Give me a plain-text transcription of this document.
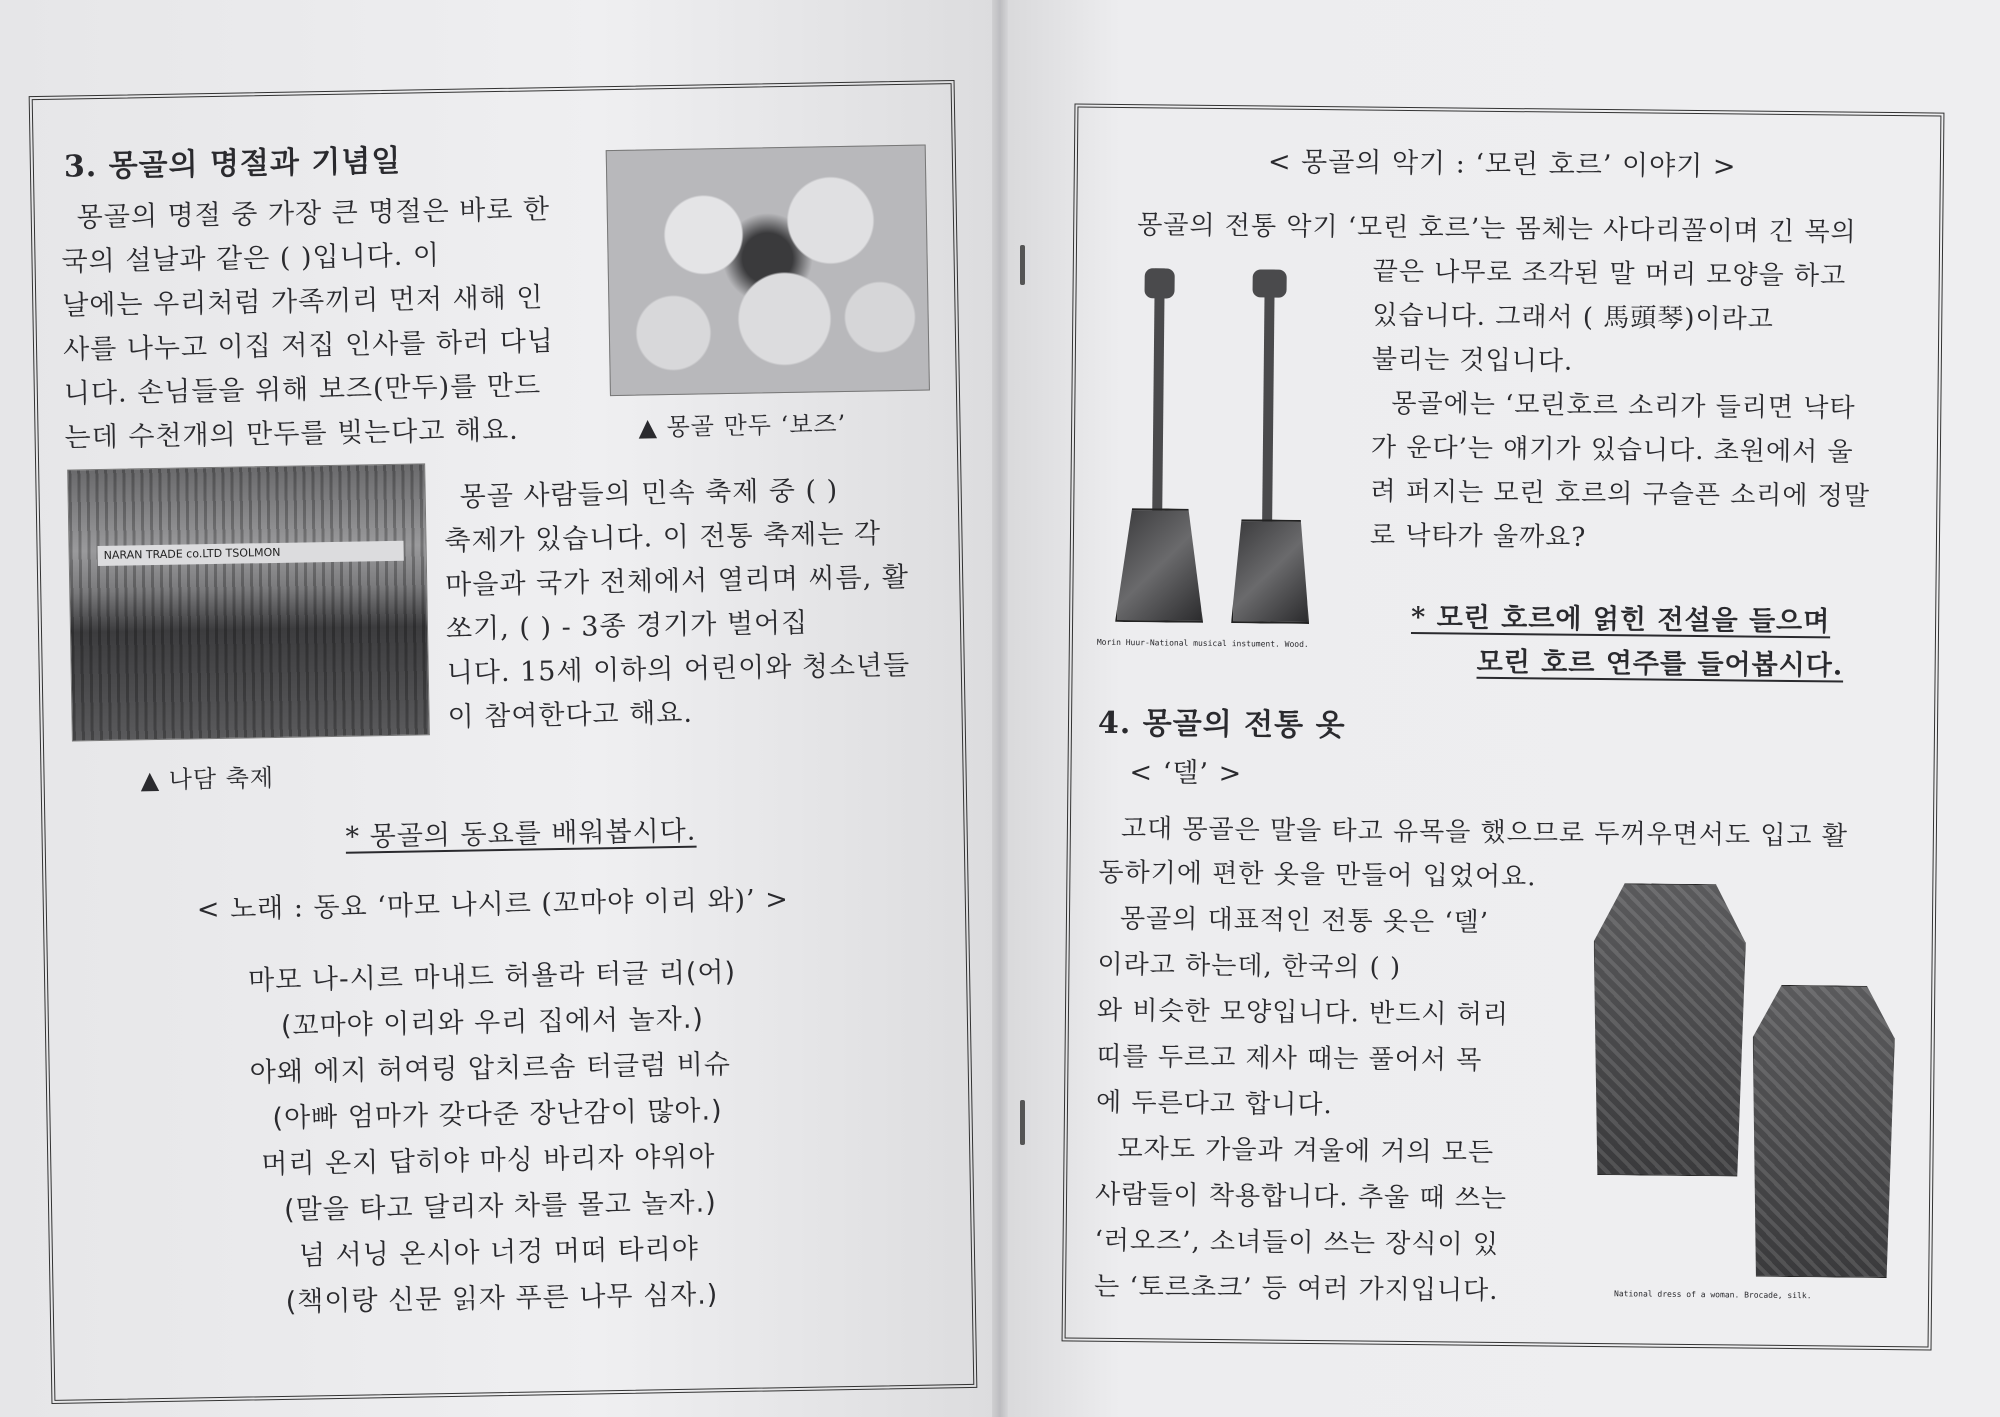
3. 몽골의 명절과 기념일
몽골의 명절 중 가장 큰 명절은 바로 한
국의 설날과 같은 ( )입니다. 이
날에는 우리처럼 가족끼리 먼저 새해 인
사를 나누고 이집 저집 인사를 하러 다닙
니다. 손님들을 위해 보즈(만두)를 만드
는데 수천개의 만두를 빚는다고 해요.	▲ 몽골 만두 ‘보즈’
NARAN TRADE co.LTD TSOLMON
몽골 사람들의 민속 축제 중 ( )
축제가 있습니다. 이 전통 축제는 각
마을과 국가 전체에서 열리며 씨름, 활
쏘기, ( ) - 3종 경기가 벌어집
니다. 15세 이하의 어린이와 청소년들
이 참여한다고 해요.
▲ 나담 축제
* 몽골의 동요를 배워봅시다.
< 노래 : 동요 ‘마모 나시르 (꼬마야 이리 와)’ >
마모 나-시르 마내드 허욜라 터글 리(어)
(꼬마야 이리와 우리 집에서 놀자.)
아왜 에지 허여링 압치르솜 터글럼 비슈
(아빠 엄마가 갖다준 장난감이 많아.)
머리 온지 답히야 마싱 바리자 야위아
(말을 타고 달리자 차를 몰고 놀자.)
넘 서닝 온시아 너겅 머떠 타리야
(책이랑 신문 읽자 푸른 나무 심자.)
< 몽골의 악기 : ‘모린 호르’ 이야기 >
몽골의 전통 악기 ‘모린 호르’는 몸체는 사다리꼴이며 긴 목의
끝은 나무로 조각된 말 머리 모양을 하고
있습니다. 그래서 ( 馬頭琴)이라고
불리는 것입니다.
몽골에는 ‘모린호르 소리가 들리면 낙타
가 운다’는 얘기가 있습니다. 초원에서 울
려 퍼지는 모린 호르의 구슬픈 소리에 정말
로 낙타가 울까요?
Morin Huur-National musical instument. Wood.
* 모린 호르에 얽힌 전설을 들으며
모린 호르 연주를 들어봅시다.
4. 몽골의 전통 옷
< ‘델’ >
고대 몽골은 말을 타고 유목을 했으므로 두꺼우면서도 입고 활
동하기에 편한 옷을 만들어 입었어요.
몽골의 대표적인 전통 옷은 ‘델’
이라고 하는데, 한국의 ( )
와 비슷한 모양입니다. 반드시 허리
띠를 두르고 제사 때는 풀어서 목
에 두른다고 합니다.
모자도 가을과 겨울에 거의 모든
사람들이 착용합니다. 추울 때 쓰는
‘러오즈’, 소녀들이 쓰는 장식이 있
는 ‘토르초크’ 등 여러 가지입니다.	National dress of a woman. Brocade, silk.
